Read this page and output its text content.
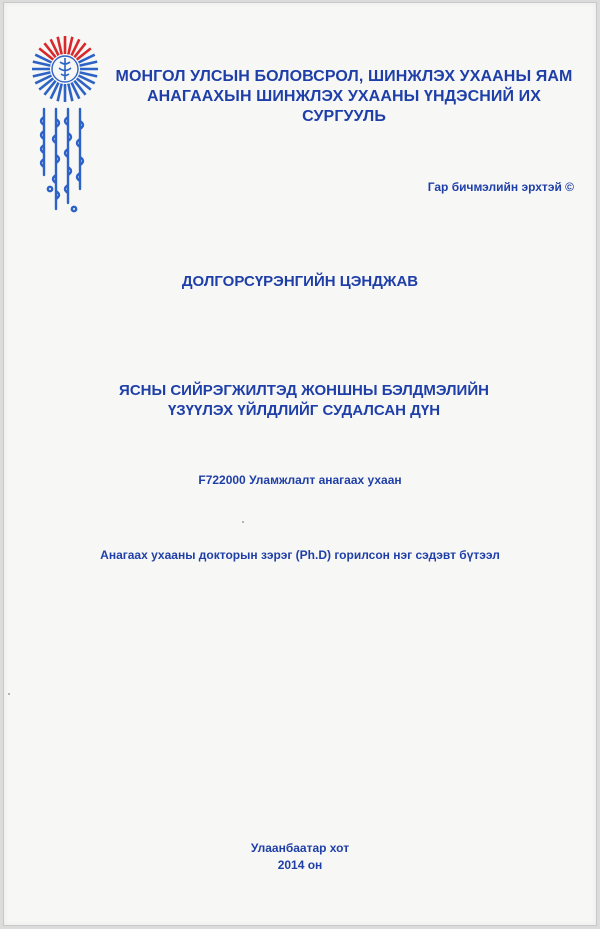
МОНГОЛ УЛСЫН БОЛОВСРОЛ, ШИНЖЛЭХ УХААНЫ ЯАМ
АНАГААХЫН ШИНЖЛЭХ УХААНЫ ҮНДЭСНИЙ ИХ СУРГУУЛЬ
Гар бичмэлийн эрхтэй ©
ДОЛГОРСҮРЭНГИЙН ЦЭНДЖАВ
ЯСНЫ СИЙРЭГЖИЛТЭД ЖОНШНЫ БЭЛДМЭЛИЙН
ҮЗҮҮЛЭХ ҮЙЛДЛИЙГ СУДАЛСАН ДҮН
F722000 Уламжлалт анагаах ухаан
Анагаах ухааны докторын зэрэг (Ph.D) горилсон нэг сэдэвт бүтээл
Улаанбаатар хот
2014 он
